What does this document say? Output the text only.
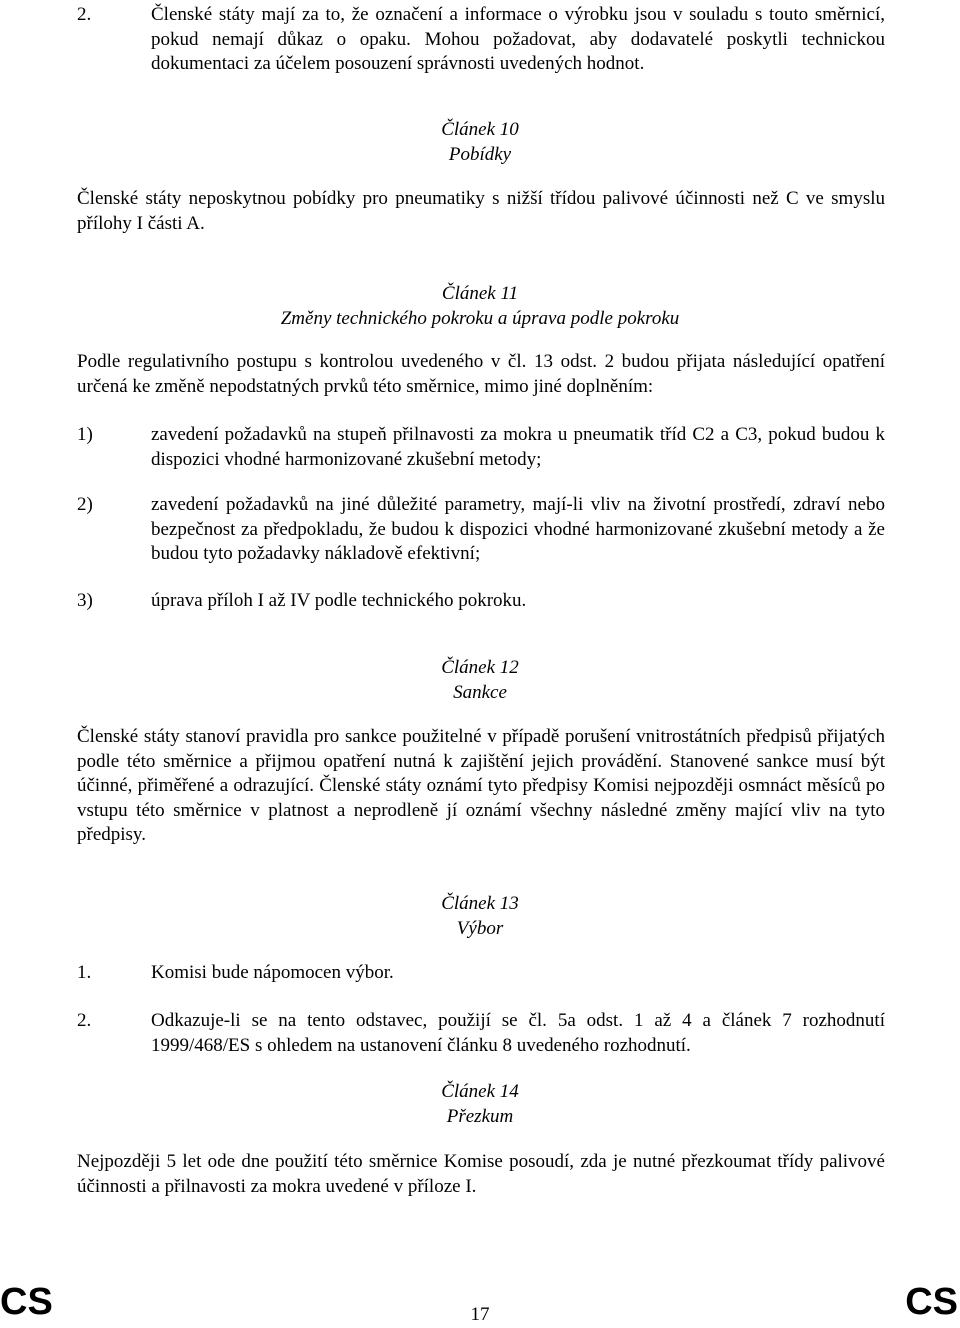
2.	Členské státy mají za to, že označení a informace o výrobku jsou v souladu s touto směrnicí, pokud nemají důkaz o opaku. Mohou požadovat, aby dodavatelé poskytli technickou dokumentaci za účelem posouzení správnosti uvedených hodnot.
Článek 10
Pobídky
Členské státy neposkytnou pobídky pro pneumatiky s nižší třídou palivové účinnosti než C ve smyslu přílohy I části A.
Článek 11
Změny technického pokroku a úprava podle pokroku
Podle regulativního postupu s kontrolou uvedeného v čl. 13 odst. 2 budou přijata následující opatření určená ke změně nepodstatných prvků této směrnice, mimo jiné doplněním:
1)	zavedení požadavků na stupeň přilnavosti za mokra u pneumatik tříd C2 a C3, pokud budou k dispozici vhodné harmonizované zkušební metody;
2)	zavedení požadavků na jiné důležité parametry, mají-li vliv na životní prostředí, zdraví nebo bezpečnost za předpokladu, že budou k dispozici vhodné harmonizované zkušební metody a že budou tyto požadavky nákladově efektivní;
3)	úprava příloh I až IV podle technického pokroku.
Článek 12
Sankce
Členské státy stanoví pravidla pro sankce použitelné v případě porušení vnitrostátních předpisů přijatých podle této směrnice a přijmou opatření nutná k zajištění jejich provádění. Stanovené sankce musí být účinné, přiměřené a odrazující. Členské státy oznámí tyto předpisy Komisi nejpozději osmnáct měsíců po vstupu této směrnice v platnost a neprodleně jí oznámí všechny následné změny mající vliv na tyto předpisy.
Článek 13
Výbor
1.	Komisi bude nápomocen výbor.
2.	Odkazuje-li se na tento odstavec, použijí se čl. 5a odst. 1 až 4 a článek 7 rozhodnutí 1999/468/ES s ohledem na ustanovení článku 8 uvedeného rozhodnutí.
Článek 14
Přezkum
Nejpozději 5 let ode dne použití této směrnice Komise posoudí, zda je nutné přezkoumat třídy palivové účinnosti a přilnavosti za mokra uvedené v příloze I.
CS	17	CS
